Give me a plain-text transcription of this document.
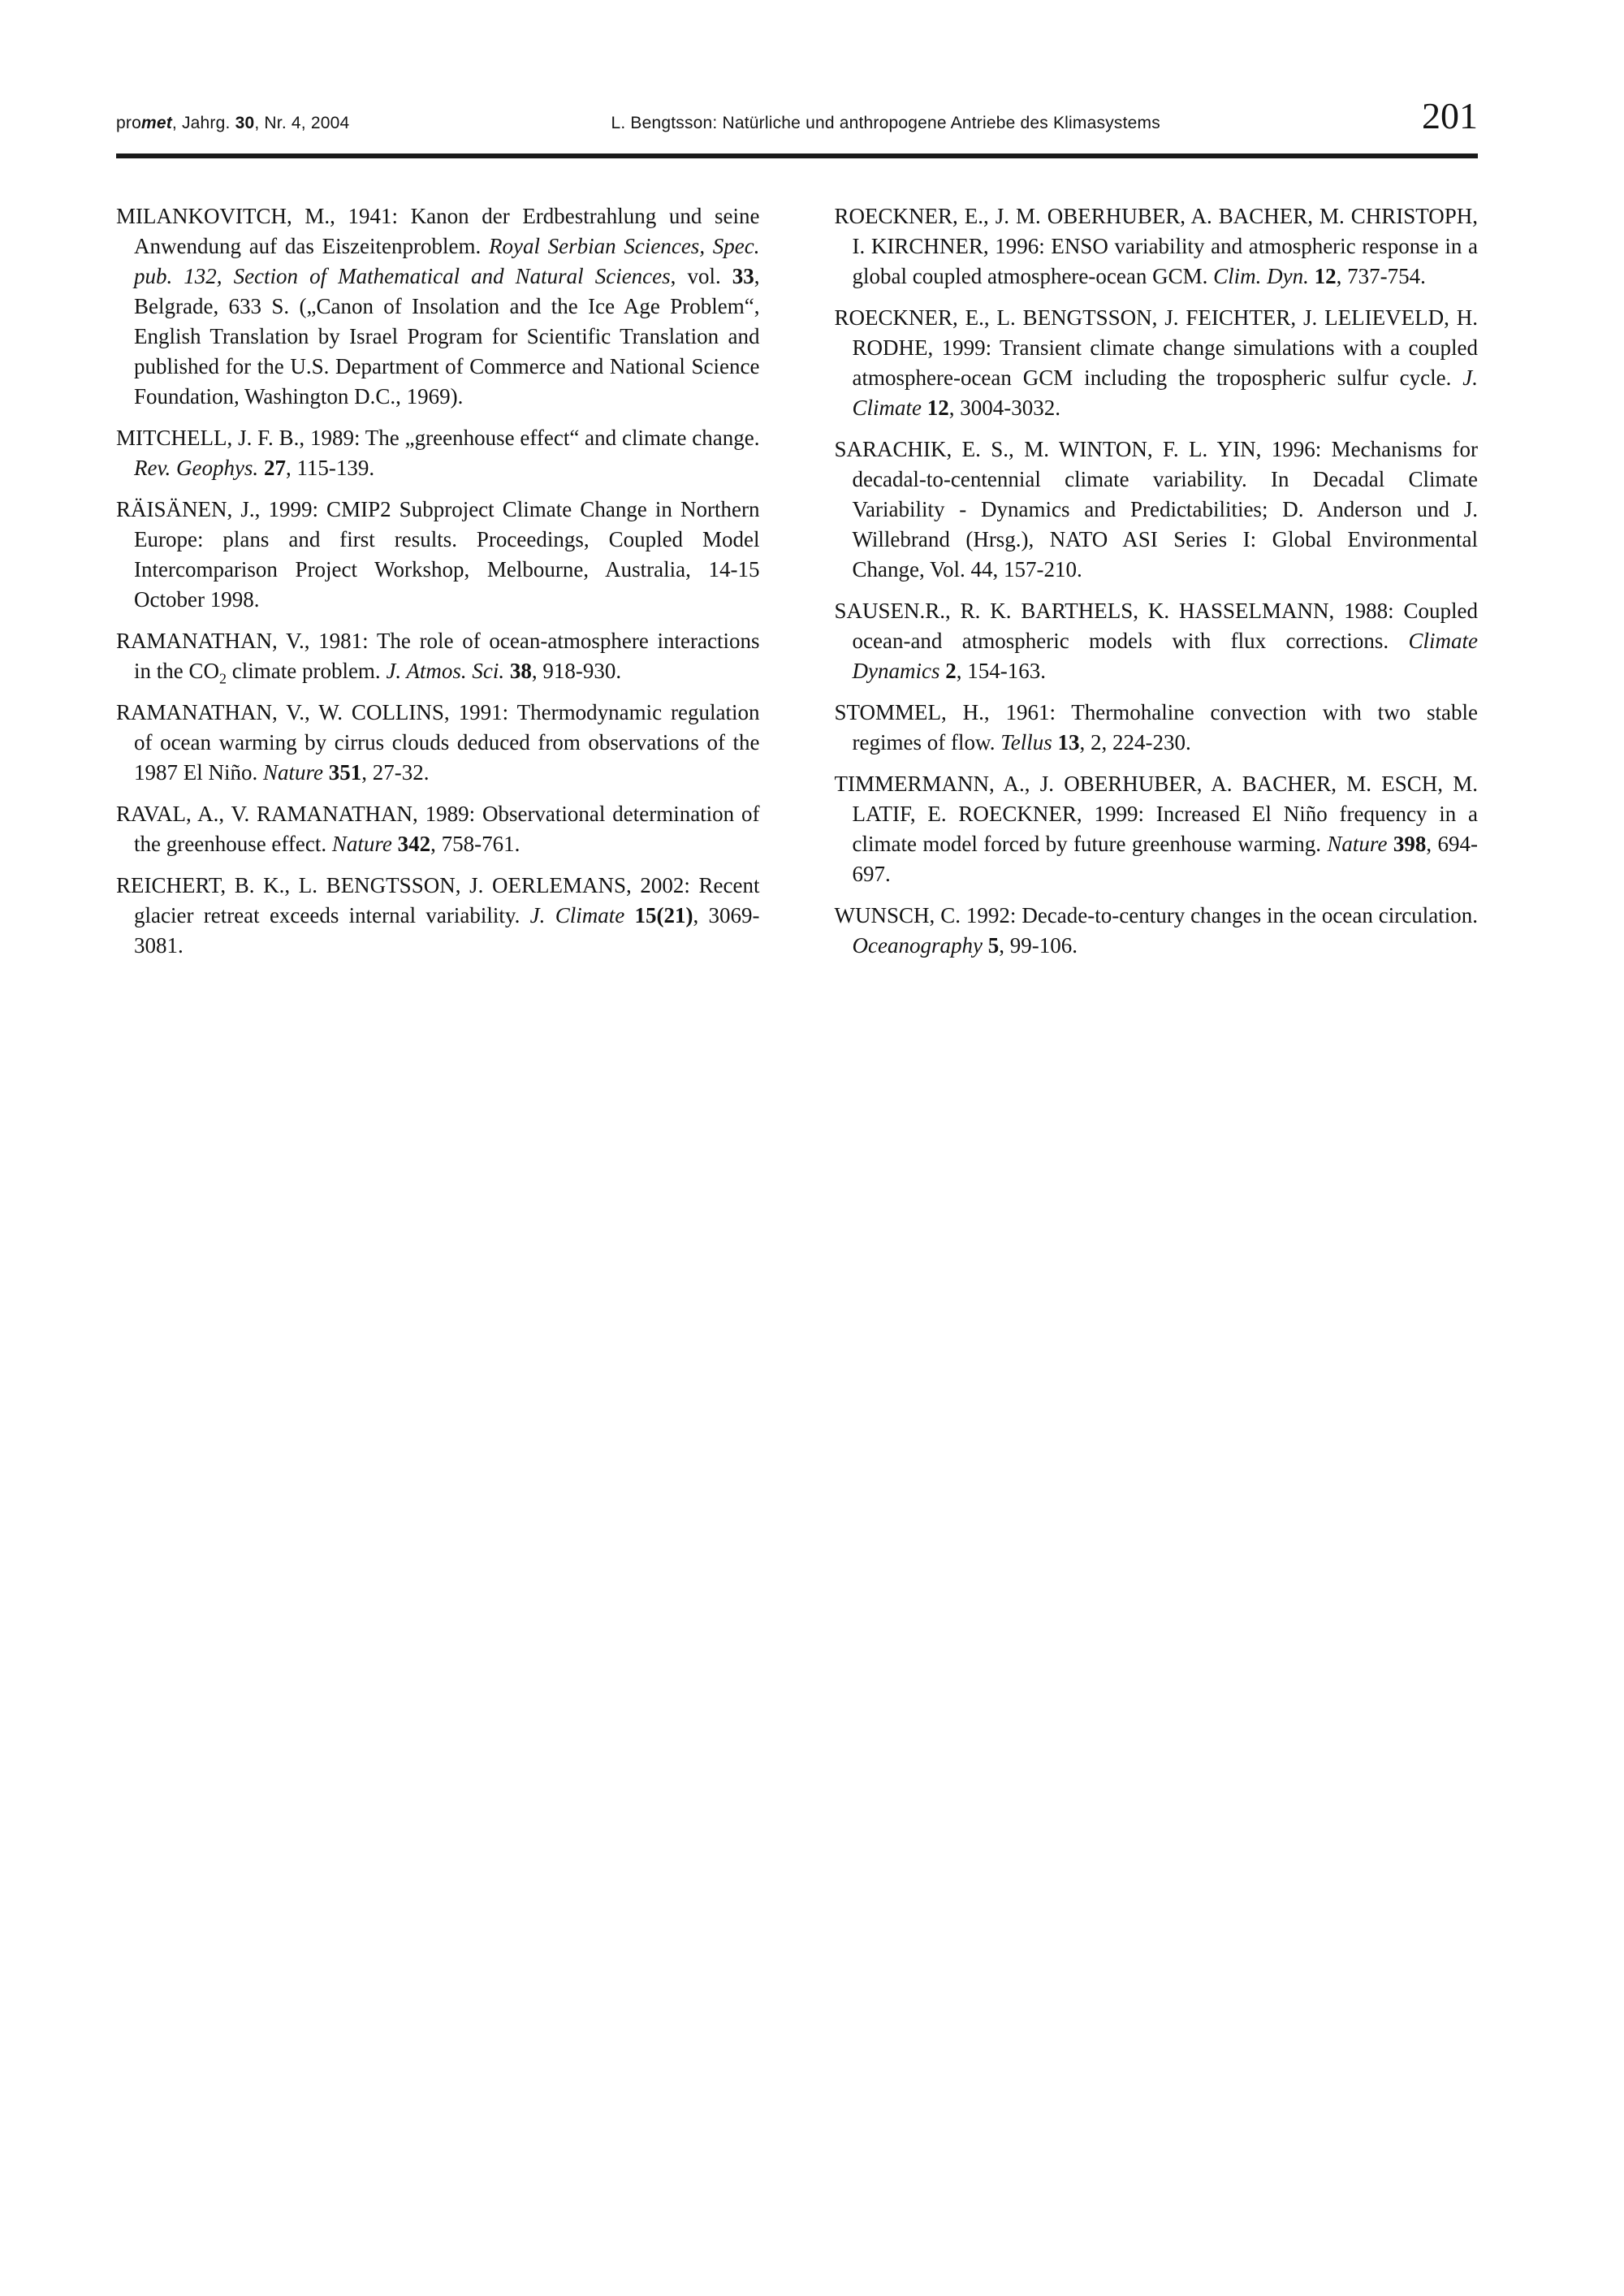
promet, Jahrg. 30, Nr. 4, 2004	L. Bengtsson: Natürliche und anthropogene Antriebe des Klimasystems	201

MILANKOVITCH, M., 1941: Kanon der Erdbestrahlung und seine Anwendung auf das Eiszeitenproblem. Royal Serbian Sciences, Spec. pub. 132, Section of Mathematical and Natural Sciences, vol. 33, Belgrade, 633 S. („Canon of Insolation and the Ice Age Problem“, English Translation by Israel Program for Scientific Translation and published for the U.S. Department of Commerce and National Science Foundation, Washington D.C., 1969).

MITCHELL, J. F. B., 1989: The „greenhouse effect“ and climate change. Rev. Geophys. 27, 115-139.

RÄISÄNEN, J., 1999: CMIP2 Subproject Climate Change in Northern Europe: plans and first results. Proceedings, Coupled Model Intercomparison Project Workshop, Melbourne, Australia, 14-15 October 1998.

RAMANATHAN, V., 1981: The role of ocean-atmosphere interactions in the $CO_2$ climate problem. J. Atmos. Sci. 38, 918-930.

RAMANATHAN, V., W. COLLINS, 1991: Thermodynamic regulation of ocean warming by cirrus clouds deduced from observations of the 1987 El Niño. Nature 351, 27-32.

RAVAL, A., V. RAMANATHAN, 1989: Observational determination of the greenhouse effect. Nature 342, 758-761.

REICHERT, B. K., L. BENGTSSON, J. OERLEMANS, 2002: Recent glacier retreat exceeds internal variability. J. Climate 15(21), 3069-3081.

ROECKNER, E., J. M. OBERHUBER, A. BACHER, M. CHRISTOPH, I. KIRCHNER, 1996: ENSO variability and atmospheric response in a global coupled atmosphere-ocean GCM. Clim. Dyn. 12, 737-754.

ROECKNER, E., L. BENGTSSON, J. FEICHTER, J. LELIEVELD, H. RODHE, 1999: Transient climate change simulations with a coupled atmosphere-ocean GCM including the tropospheric sulfur cycle. J. Climate 12, 3004-3032.

SARACHIK, E. S., M. WINTON, F. L. YIN, 1996: Mechanisms for decadal-to-centennial climate variability. In Decadal Climate Variability - Dynamics and Predictabilities; D. Anderson und J. Willebrand (Hrsg.), NATO ASI Series I: Global Environmental Change, Vol. 44, 157-210.

SAUSEN.R., R. K. BARTHELS, K. HASSELMANN, 1988: Coupled ocean-and atmospheric models with flux corrections. Climate Dynamics 2, 154-163.

STOMMEL, H., 1961: Thermohaline convection with two stable regimes of flow. Tellus 13, 2, 224-230.

TIMMERMANN, A., J. OBERHUBER, A. BACHER, M. ESCH, M. LATIF, E. ROECKNER, 1999: Increased El Niño frequency in a climate model forced by future greenhouse warming. Nature 398, 694-697.

WUNSCH, C. 1992: Decade-to-century changes in the ocean circulation. Oceanography 5, 99-106.
